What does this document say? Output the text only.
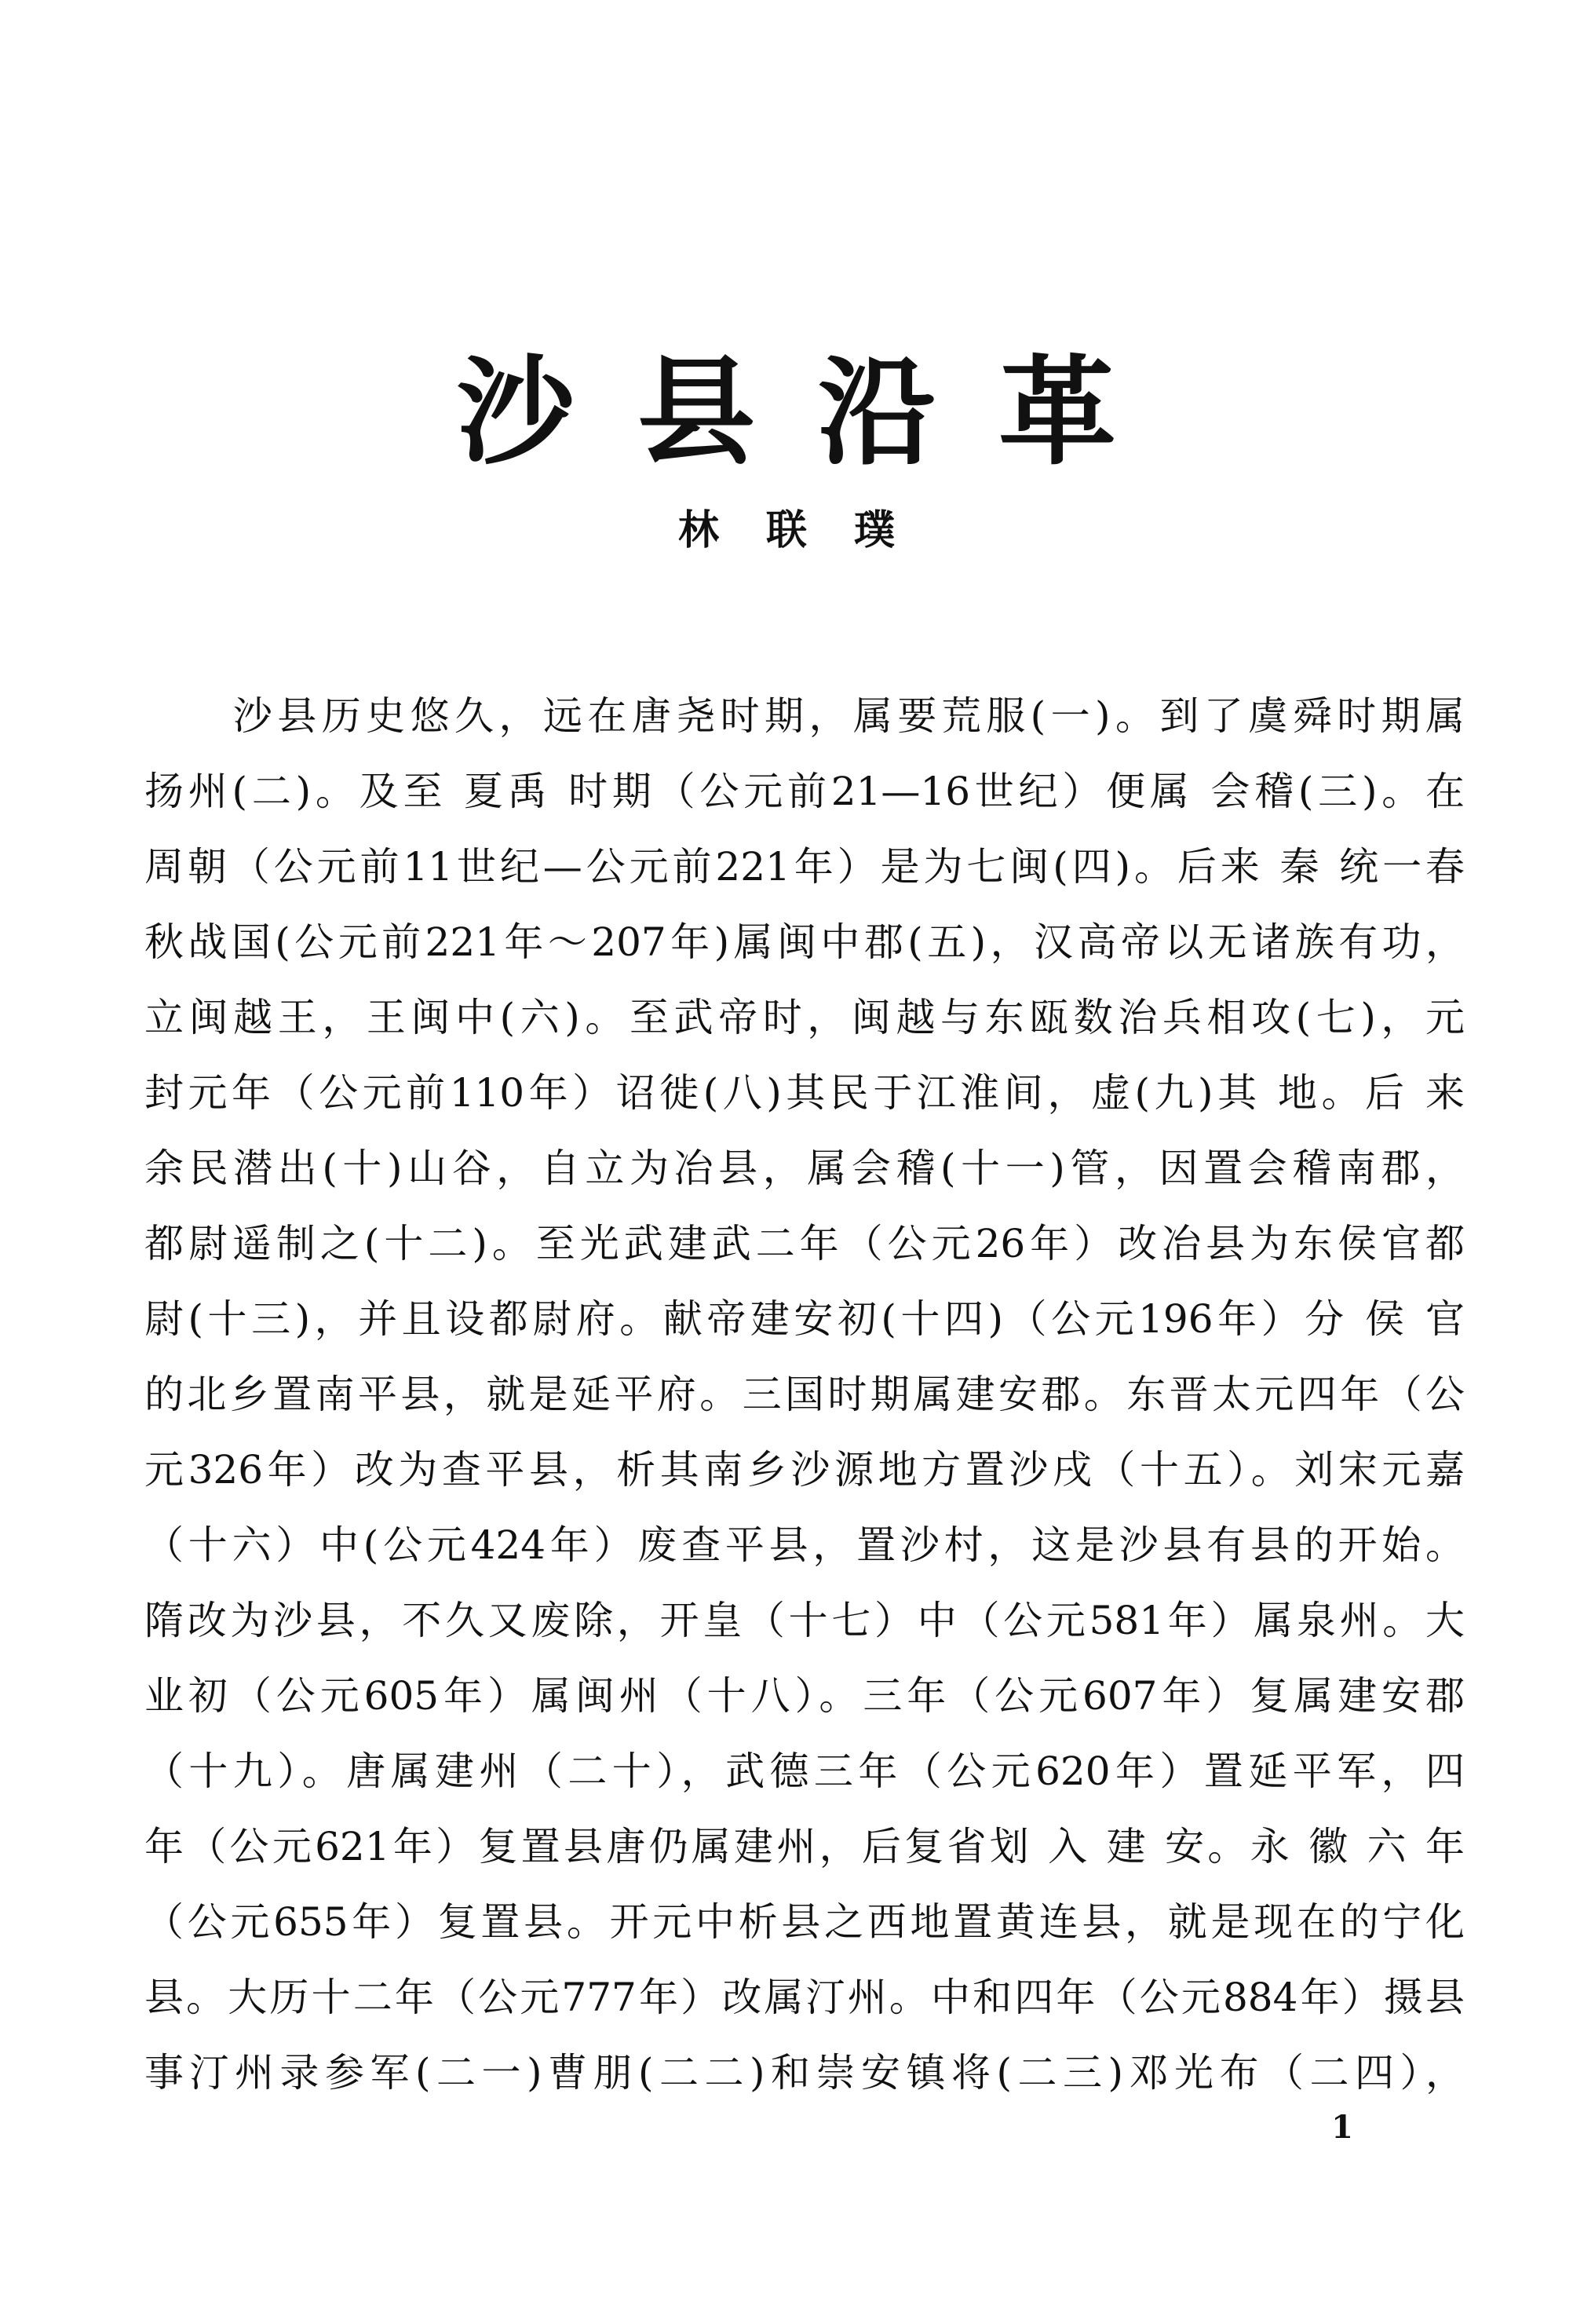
沙县沿革
林联璞
　　沙县历史悠久，远在唐尧时期，属要荒服(一)。到了虞舜时期属
扬州(二)。及至 夏禹 时期（公元前21—16世纪）便属 会稽(三)。在
周朝（公元前11世纪—公元前221年）是为七闽(四)。后来 秦 统一春
秋战国(公元前221年～207年)属闽中郡(五)，汉高帝以无诸族有功，
立闽越王，王闽中(六)。至武帝时，闽越与东瓯数治兵相攻(七)，元
封元年（公元前110年）诏徙(八)其民于江淮间，虚(九)其 地。后 来
余民潜出(十)山谷，自立为冶县，属会稽(十一)管，因置会稽南郡，
都尉遥制之(十二)。至光武建武二年（公元26年）改冶县为东侯官都
尉(十三)，并且设都尉府。献帝建安初(十四)（公元196年）分 侯 官
的北乡置南平县，就是延平府。三国时期属建安郡。东晋太元四年（公
元326年）改为查平县，析其南乡沙源地方置沙戌（十五）。刘宋元嘉
（十六）中(公元424年）废查平县，置沙村，这是沙县有县的开始。
隋改为沙县，不久又废除，开皇（十七）中（公元581年）属泉州。大
业初（公元605年）属闽州（十八）。三年（公元607年）复属建安郡
（十九）。唐属建州（二十），武德三年（公元620年）置延平军，四
年（公元621年）复置县唐仍属建州，后复省划 入 建 安。永 徽 六 年
（公元655年）复置县。开元中析县之西地置黄连县，就是现在的宁化
县。大历十二年（公元777年）改属汀州。中和四年（公元884年）摄县
事汀州录参军(二一)曹朋(二二)和崇安镇将(二三)邓光布（二四），
1
